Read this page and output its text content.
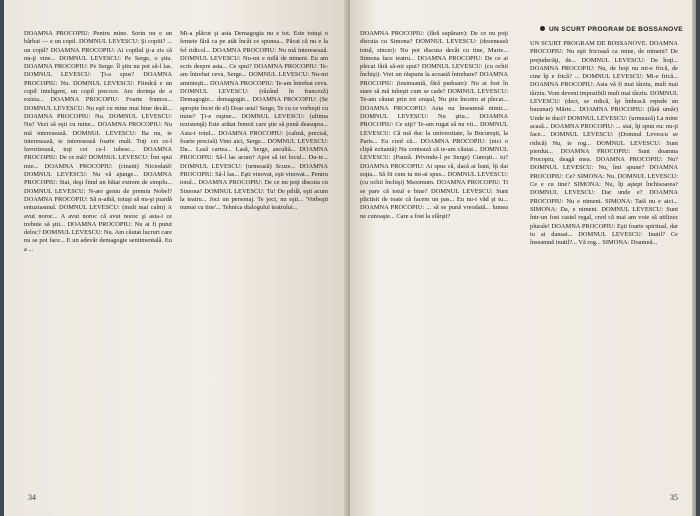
DOAMNA PROCOPIU: Pentru mine. Sorin nu e un bărbat — e un copil. DOMNUL LEVESCU: Şi copiii? ... un copil? DOAMNA PROCOPIU: Ai copilul ţi-a zis că nu-ţi vine... DOMNUL LEVESCU: Pe Serge, o ştiu. DOAMNA PROCOPIU: Pe Serge. îl ştiu nu pot să-l las. DOMNUL LEVESCU: Ţi-a spus? DOAMNA PROCOPIU: Nu. DOMNUL LEVESCU: Fiindcă e un copil inteligent, un copil precoce. Are dorinţa de a exista... DOAMNA PROCOPIU: Foarte frumos... DOMNUL LEVESCU: Nu eşti cu mine mai bine decât... DOAMNA PROCOPIU: Nu. DOMNUL LEVESCU: Nu? Vezi să eşti cu mine... DOAMNA PROCOPIU: Nu mă interesează. DOMNUL LEVESCU: Ba nu, te interesează, te interesează foarte mult. Toţi cei ce-l favorizează, toţi cei ce-l iubesc... DOAMNA PROCOPIU: De ce mă? DOMNUL LEVESCU: Îmi spui mie... DOAMNA PROCOPIU: (cinstit) Niciodată! DOMNUL LEVESCU: Nu vă ajunge... DOAMNA PROCOPIU: Stai, deşi fiind un băiat extrem de simplu... DOMNUL LEVESCU: N-are geniu de premiu Nobel? DOAMNA PROCOPIU: Să n-aibă, totuşi să nu-şi piardă entuziasmul. DOMNUL LEVESCU: (mult mai calm) A avut noroc... A avut noroc că avut noroc şi asta-i ce trebuie să ştii... DOAMNA PROCOPIU: Nu ai fi putut deloc? DOMNUL LEVESCU: Nu. Am căutat lucruri care nu se pot face... E un adevăr demagogie sentimentală. Eu a ...

Mi-a plăcut şi asta Demagogia nu e tot. Este totuşi o femeie fără ca pe atât încât ce spunea... Păcat că nu e la fel ridicol... DOAMNA PROCOPIU: Nu mă interesează. DOMNUL LEVESCU: Nu-mi e milă de nimeni. Eu am scris despre asta... Ce spui? DOAMNA PROCOPIU: Te-am întrebat ceva, Serge... DOMNUL LEVESCU: Nu-mi aminteşti... DOAMNA PROCOPIU: Te-am întrebat ceva. DOMNUL LEVESCU: (râzând în franceză) Demagogie... demagogie... DOAMNA PROCOPIU: (Se apropie încet de el) Doar asta? Serge, Te cu ce vorbeşti cu mine? Ţi-e ruşine... DOMNUL LEVESCU: (ultima rezistenţă) Este arătat femeii care ştie să pună deasupra... Asta-i totul... DOAMNA PROCOPIU: (calmă, precisă, foarte precisă) Vino aici, Serge... DOMNUL LEVESCU: Da... Lasă cartea... Lasă, Serge, ascultă... DOAMNA PROCOPIU: Să-l las acum? Apoi să iei locul... Du-te... DOMNUL LEVESCU: (urmează) Scuze... DOAMNA PROCOPIU: Să-l las... Eşti vinovat, eşti vinovat... Pentru totul... DOAMNA PROCOPIU: De ce nu poţi discuta cu Simona? DOMNUL LEVESCU: Tu! De pildă, eşti acum la teatru... Joci un personaj. Te joci, nu eşti... 'Vorbeşti numai cu tine'... Tehnica dialogului teatrului...

34

DOAMNA PROCOPIU: (fără supărare): De ce nu poţi discuta cu Simona? DOMNUL LEVESCU: (desenează totul, sincer): Nu pot discuta decât cu tine, Marie... Simona face teatru... DOAMNA PROCOPIU: De ce ai plecat fără să-mi spui? DOMNUL LEVESCU: (cu ochii închişi): Vrei un răspuns la această întrebare? DOAMNA PROCOPIU: (insinuantă, fără pudoare): Nu ai fost în stare să mă iubeşti cum se cade? DOMNUL LEVESCU: Te-am căutat prin tot oraşul, Nu ştiu încotro ai plecat... DOAMNA PROCOPIU: Asta nu înseamnă nimic... DOMNUL LEVESCU: Nu ştiu... DOAMNA PROCOPIU: Ce uiţi? Te-am rugat să nu vii... DOMNUL LEVESCU: Că mă duc la universitate, la Bucureşti, la Paris... Eu cred că... DOAMNA PROCOPIU: (nici o clipă ezitantă) Nu contează că te-am căutat... DOMNUL LEVESCU: (Pauză. Privindu-l pe Serge) Cunoşti... tu? DOAMNA PROCOPIU: Ai spus că, dacă ai bani, îţi dai soţia... Să fii cum tu mi-ai spus... DOMNUL LEVESCU: (cu ochii închişi) Maximum. DOAMNA PROCOPIU: Ti se pare că totul e bine? DOMNUL LEVESCU: Sunt plictisit de toate că facem un pas... Eu nu-i văd şi tu... DOAMNA PROCOPIU: ... să se pună vreodată... lumea ne cunoaşte... Care a fost la sfârşit?

UN SCURT PROGRAM DE BOSSANOVE. DOAMNA PROCOPIU: Nu eşti fricoasă ca mine, de nimeni? De prejudecăţi, de... DOMNUL LEVESCU: De hoţi... DOAMNA PROCOPIU: Nu, de hoţi nu mi-e frică, de cine îţi e frică? ... DOMNUL LEVESCU: Mi-e frică... DOAMNA PROCOPIU: Asta vă fi mai târziu, mult mai târziu. Vom deveni impozibili mult mai târziu. DOMNUL LEVESCU: (deci, se ridică, îşi îmbracă repede un buzunar) Mărie... DOAMNA PROCOPIU: (fără umăr) Unde te duci? DOMNUL LEVESCU: (urmează) La mine acasă... DOAMNA PROCOPIU: ... stai, îţi spun eu: nu-ţi face... DOMNUL LEVESCU: (Domnul Levescu se ridică) Nu, te rog... DOMNUL LEVESCU: Sunt pierdut... DOAMNA PROCOPIU: Sunt doamna Procopiu, deagă mea. DOAMNA PROCOPIU: Nu? DOMNUL LEVESCU: Nu, îmi spune? DOAMNA PROCOPIU: Ce? SIMONA: Nu. DOMNUL LEVESCU: Ce e cu tine? SIMONA: Nu, îţi aştept închisoarea? DOMNUL LEVESCU: Dar unde e? DOAMNA PROCOPIU: Nu e nimeni. SIMONA: Tată nu e aici... SIMONA: Da, e nimeni. DOMNUL LEVESCU: Sunt într-un fost castel regal, cred că mai am voie să utilizez plurale! DOAMNA PROCOPIU: Eşti foarte spiritual, dar tu ai dansat... DOMNUL LEVESCU: Inutil? Ce înseamnă inutil?... Vă rog... SIMONA: Doamnă...

UN SCURT PROGRAM DE BOSSANOVE
35
